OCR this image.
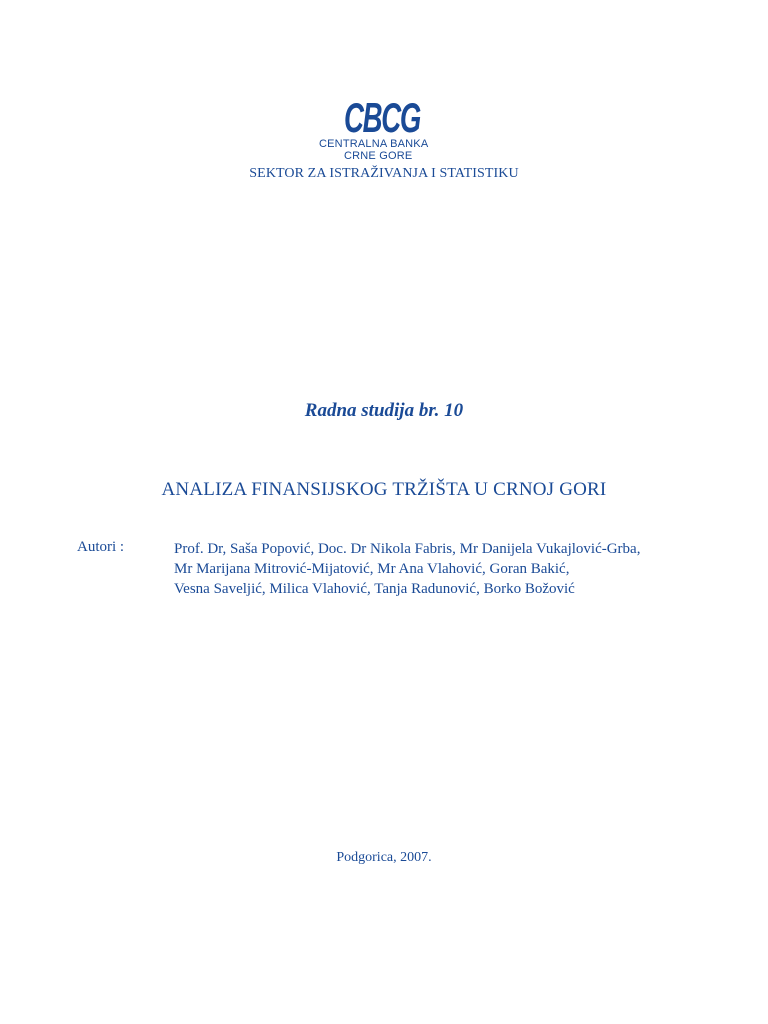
CBCG
CENTRALNA BANKA
CRNE GORE
SEKTOR ZA ISTRAŽIVANJA I STATISTIKU
Radna studija br. 10
ANALIZA FINANSIJSKOG TRŽIŠTA U CRNOJ GORI
Autori :	Prof. Dr, Saša Popović, Doc. Dr Nikola Fabris, Mr Danijela Vukajlović-Grba,
Mr Marijana Mitrović-Mijatović, Mr Ana Vlahović, Goran Bakić,
Vesna Saveljić, Milica Vlahović, Tanja Radunović, Borko Božović
Podgorica, 2007.
